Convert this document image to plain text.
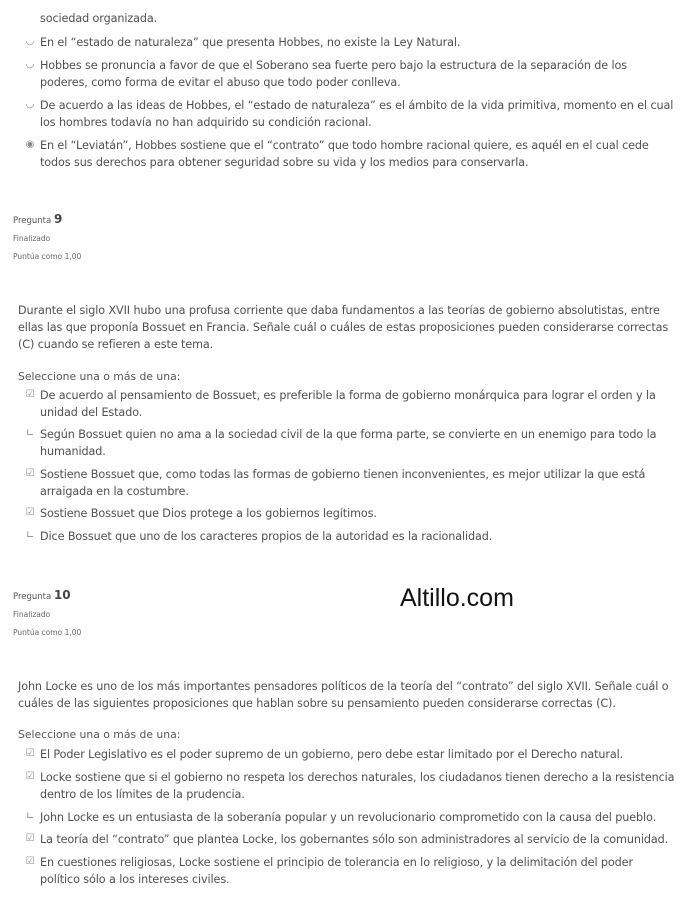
sociedad organizada.
◡ En el “estado de naturaleza” que presenta Hobbes, no existe la Ley Natural.
◡ Hobbes se pronuncia a favor de que el Soberano sea fuerte pero bajo la estructura de la separación de los poderes, como forma de evitar el abuso que todo poder conlleva.
◡ De acuerdo a las ideas de Hobbes, el “estado de naturaleza” es el ámbito de la vida primitiva, momento en el cual los hombres todavía no han adquirido su condición racional.
◉ En el “Leviatán”, Hobbes sostiene que el “contrato” que todo hombre racional quiere, es aquél en el cual cede todos sus derechos para obtener seguridad sobre su vida y los medios para conservarla.
Pregunta 9
Finalizado
Puntúa como 1,00
Durante el siglo XVII hubo una profusa corriente que daba fundamentos a las teorías de gobierno absolutistas, entre ellas las que proponía Bossuet en Francia. Señale cuál o cuáles de estas proposiciones pueden considerarse correctas (C) cuando se refieren a este tema.
Seleccione una o más de una:
☑ De acuerdo al pensamiento de Bossuet, es preferible la forma de gobierno monárquica para lograr el orden y la unidad del Estado.
∟ Según Bossuet quien no ama a la sociedad civil de la que forma parte, se convierte en un enemigo para todo la humanidad.
☑ Sostiene Bossuet que, como todas las formas de gobierno tienen inconvenientes, es mejor utilizar la que está arraigada en la costumbre.
☑ Sostiene Bossuet que Dios protege a los gobiernos legítimos.
∟ Dice Bossuet que uno de los caracteres propios de la autoridad es la racionalidad.
Pregunta 10
Finalizado
Puntúa como 1,00
Altillo.com
John Locke es uno de los más importantes pensadores políticos de la teoría del “contrato” del siglo XVII. Señale cuál o cuáles de las siguientes proposiciones que hablan sobre su pensamiento pueden considerarse correctas (C).
Seleccione una o más de una:
☑ El Poder Legislativo es el poder supremo de un gobierno, pero debe estar limitado por el Derecho natural.
☑ Locke sostiene que si el gobierno no respeta los derechos naturales, los ciudadanos tienen derecho a la resistencia dentro de los límites de la prudencia.
∟ John Locke es un entusiasta de la soberanía popular y un revolucionario comprometido con la causa del pueblo.
☑ La teoría del “contrato” que plantea Locke, los gobernantes sólo son administradores al servicio de la comunidad.
☑ En cuestiones religiosas, Locke sostiene el principio de tolerancia en lo religioso, y la delimitación del poder político sólo a los intereses civiles.
